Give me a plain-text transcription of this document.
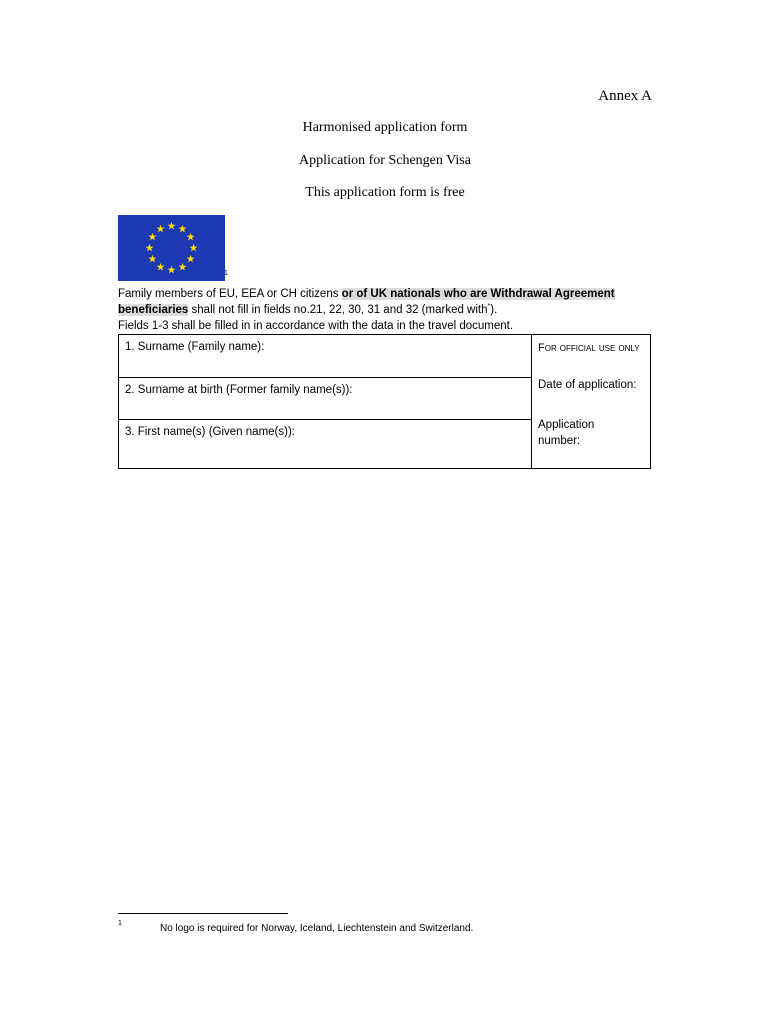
Annex A
Harmonised application form
Application for Schengen Visa
This application form is free
1
Family members of EU, EEA or CH citizens or of UK nationals who are Withdrawal Agreement
beneficiaries shall not fill in fields no.21, 22, 30, 31 and 32 (marked with*).
Fields 1-3 shall be filled in in accordance with the data in the travel document.
1. Surname (Family name):
2. Surname at birth (Former family name(s)):
3. First name(s) (Given name(s)):
For official use only
Date of application:
Application number:
1	No logo is required for Norway, Iceland, Liechtenstein and Switzerland.
